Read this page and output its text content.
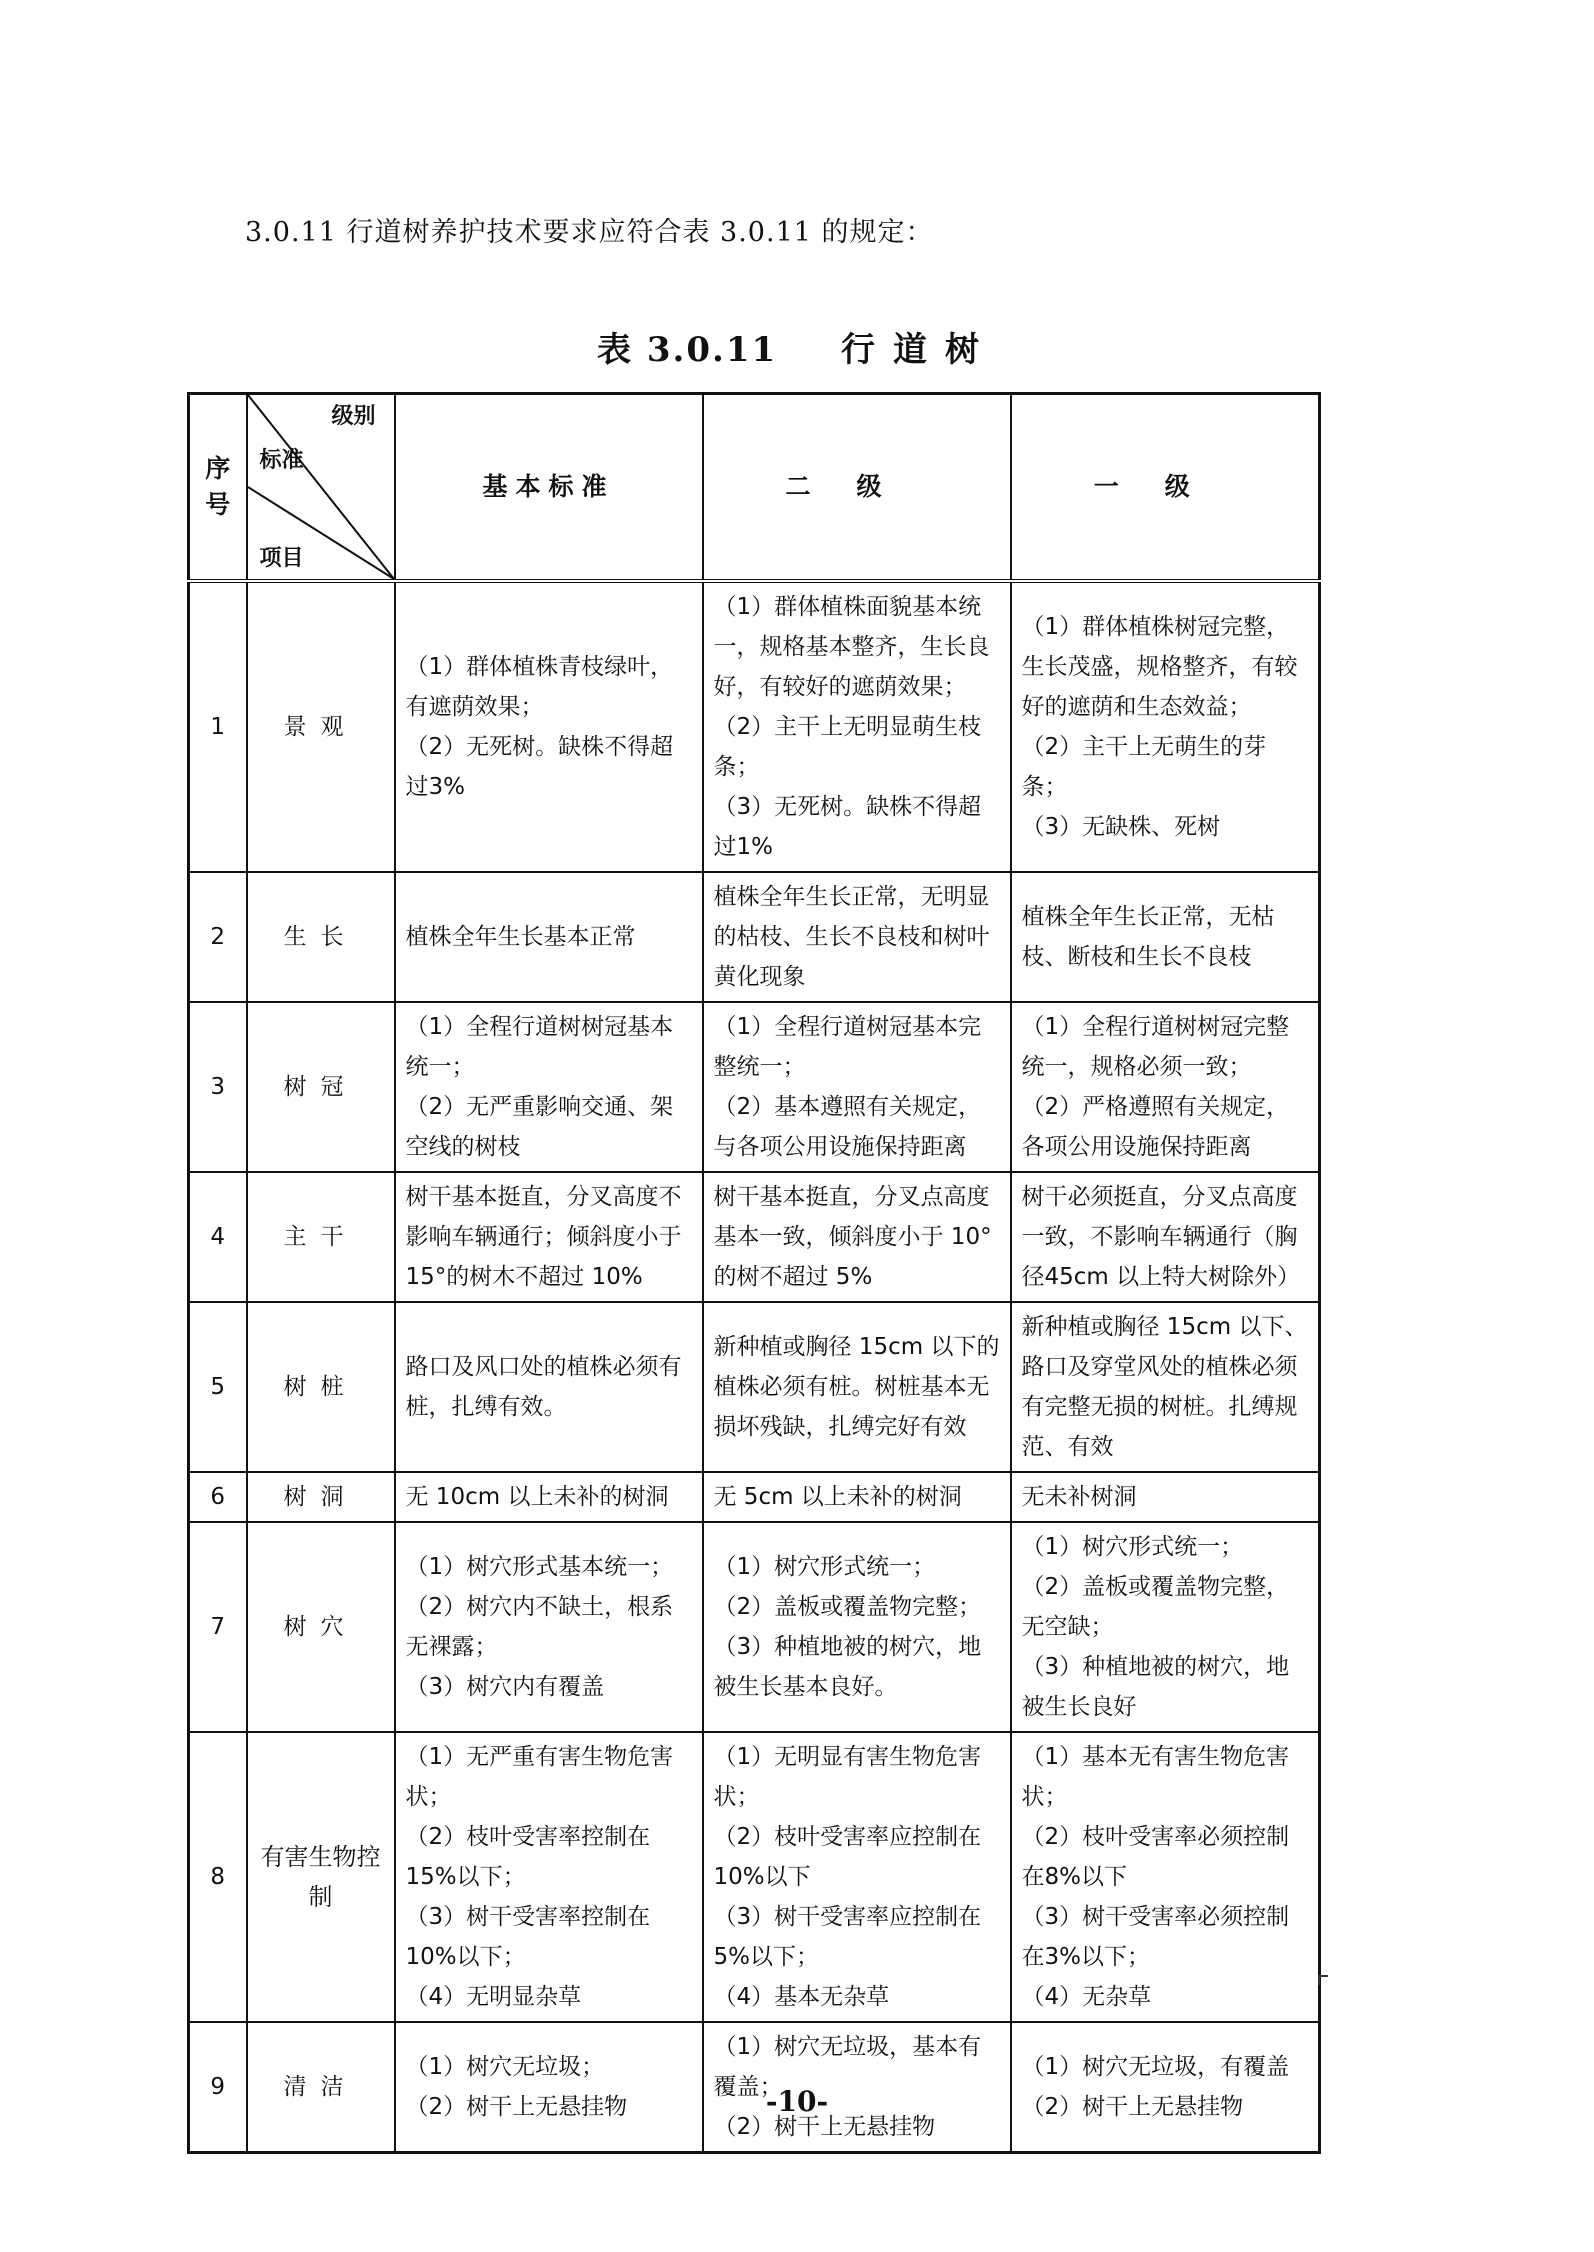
3.0.11 行道树养护技术要求应符合表 3.0.11 的规定：
表 3.0.11 行道树
序号	级别
标准
项目	基本标准	二级	一级
1	景观	（1）群体植株青枝绿叶，有遮荫效果；
（2）无死树。缺株不得超过3%	（1）群体植株面貌基本统一，规格基本整齐，生长良好，有较好的遮荫效果；（2）主干上无明显萌生枝条；
（3）无死树。缺株不得超过1%	（1）群体植株树冠完整，生长茂盛，规格整齐，有较好的遮荫和生态效益；
（2）主干上无萌生的芽条；
（3）无缺株、死树

2	生长	植株全年生长基本正常	植株全年生长正常，无明显的枯枝、生长不良枝和树叶黄化现象	植株全年生长正常，无枯枝、断枝和生长不良枝

3	树冠	（1）全程行道树树冠基本统一；
（2）无严重影响交通、架空线的树枝	（1）全程行道树冠基本完整统一；
（2）基本遵照有关规定，与各项公用设施保持距离	（1）全程行道树树冠完整统一，规格必须一致；
（2）严格遵照有关规定，各项公用设施保持距离

4	主干	树干基本挺直，分叉高度不影响车辆通行；倾斜度小于 15°的树木不超过 10%	树干基本挺直，分叉点高度基本一致，倾斜度小于 10°的树不超过 5%	树干必须挺直，分叉点高度一致，不影响车辆通行（胸径45cm 以上特大树除外）

5	树桩	路口及风口处的植株必须有桩，扎缚有效。	新种植或胸径 15cm 以下的植株必须有桩。树桩基本无损坏残缺，扎缚完好有效	新种植或胸径 15cm 以下、路口及穿堂风处的植株必须有完整无损的树桩。扎缚规范、有效

6	树洞	无 10cm 以上未补的树洞	无 5cm 以上未补的树洞	无未补树洞

7	树穴	（1）树穴形式基本统一；
（2）树穴内不缺土，根系无裸露；
（3）树穴内有覆盖	（1）树穴形式统一；
（2）盖板或覆盖物完整；
（3）种植地被的树穴，地被生长基本良好。	（1）树穴形式统一；
（2）盖板或覆盖物完整，无空缺；
（3）种植地被的树穴，地被生长良好

8	有害生物控制	（1）无严重有害生物危害状；
（2）枝叶受害率控制在 15%以下；
（3）树干受害率控制在 10%以下；
（4）无明显杂草	（1）无明显有害生物危害状；
（2）枝叶受害率应控制在 10%以下
（3）树干受害率应控制在 5%以下；
（4）基本无杂草	（1）基本无有害生物危害状；
（2）枝叶受害率必须控制在8%以下
（3）树干受害率必须控制在3%以下；
（4）无杂草

9	清洁	（1）树穴无垃圾；
（2）树干上无悬挂物	（1）树穴无垃圾，基本有覆盖；
（2）树干上无悬挂物	（1）树穴无垃圾，有覆盖（2）树干上无悬挂物
-10-
